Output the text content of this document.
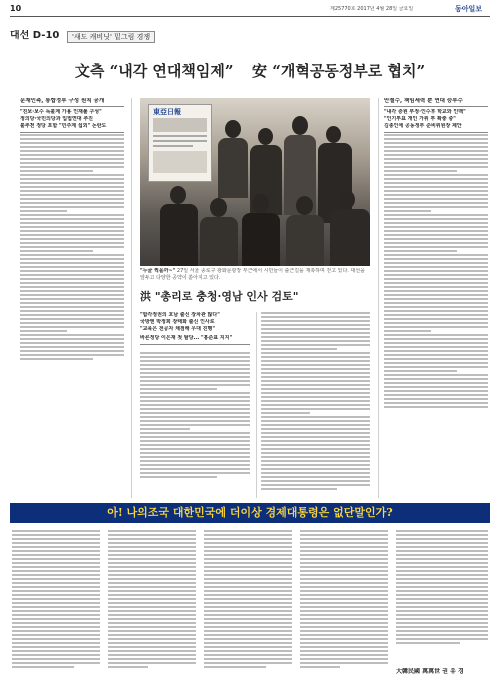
10	제25770호 2017년 4월 28일 금요일	동아일보
대선 D-10	'새도 캐비닛' 밑그림 경쟁
文측 “내각 연대책임제” 安 “개혁공동정부로 협치”
문재인측, 통합정부 구성 원칙 공개
"진보·보수 독불계 가용 인재풀 구성"
정의당·국민의당과 입법연대 추진
불추천 정당 포함 "민주계 섭외" 논란도
東亞日報
"누굴 찍을까~" 27일 서울 종로구 광화문광장 부근에서 시민들이 출근길을 재촉하며 걷고 있다. 대선을 앞두고 다양한 공약이 쏟아지고 있다.
洪 "총리로 충청·영남 인사 검토"
"합각정권의 호남 출신 장차관 많다"
국방엔 박정희 장태화 출신 인사로
"교육은 전공자 채점해 우대 진행"
바른정당 이은재 첫 탈당... "홍준표 지지"
안철수, 책임세력 뿐 연대 승부수
"내각 증원 부정·인수후 학교와 인맥"
"인기투표 개인 가위 투 확충 중"
김종인에 공동정부 준비위원장 제안
아! 나의조국 대한민국에 더이상 경제대통령은 없단말인가?
大韓民國 萬萬世 권 유 경
